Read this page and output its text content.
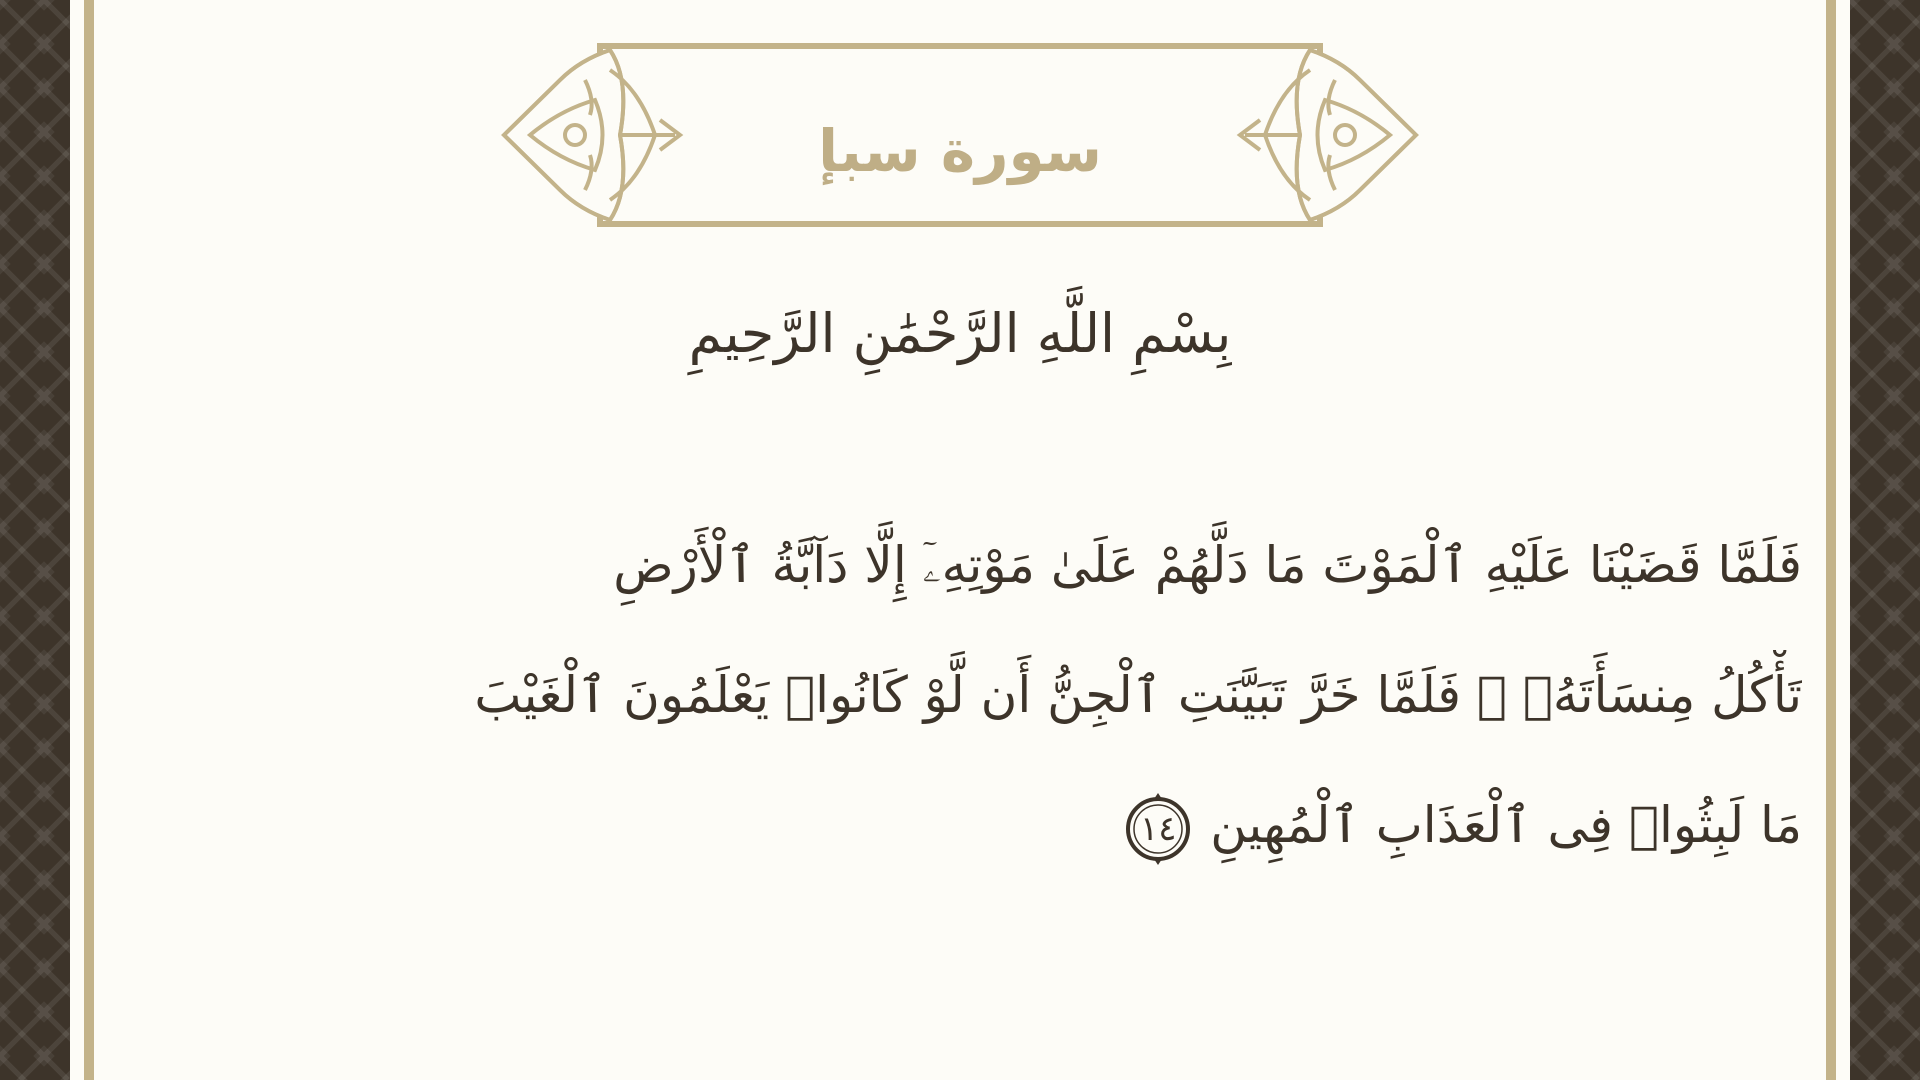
سورة سبإ
بِسْمِ اللَّهِ الرَّحْمَٰنِ الرَّحِيمِ
فَلَمَّا قَضَيْنَا عَلَيْهِ ٱلْمَوْتَ مَا دَلَّهُمْ عَلَىٰ مَوْتِهِۦٓ إِلَّا دَآبَّةُ ٱلْأَرْضِ
تَأْكُلُ مِنسَأَتَهُۥ ۖ فَلَمَّا خَرَّ تَبَيَّنَتِ ٱلْجِنُّ أَن لَّوْ كَانُوا۟ يَعْلَمُونَ ٱلْغَيْبَ
مَا لَبِثُوا۟ فِى ٱلْعَذَابِ ٱلْمُهِينِ
١٤
